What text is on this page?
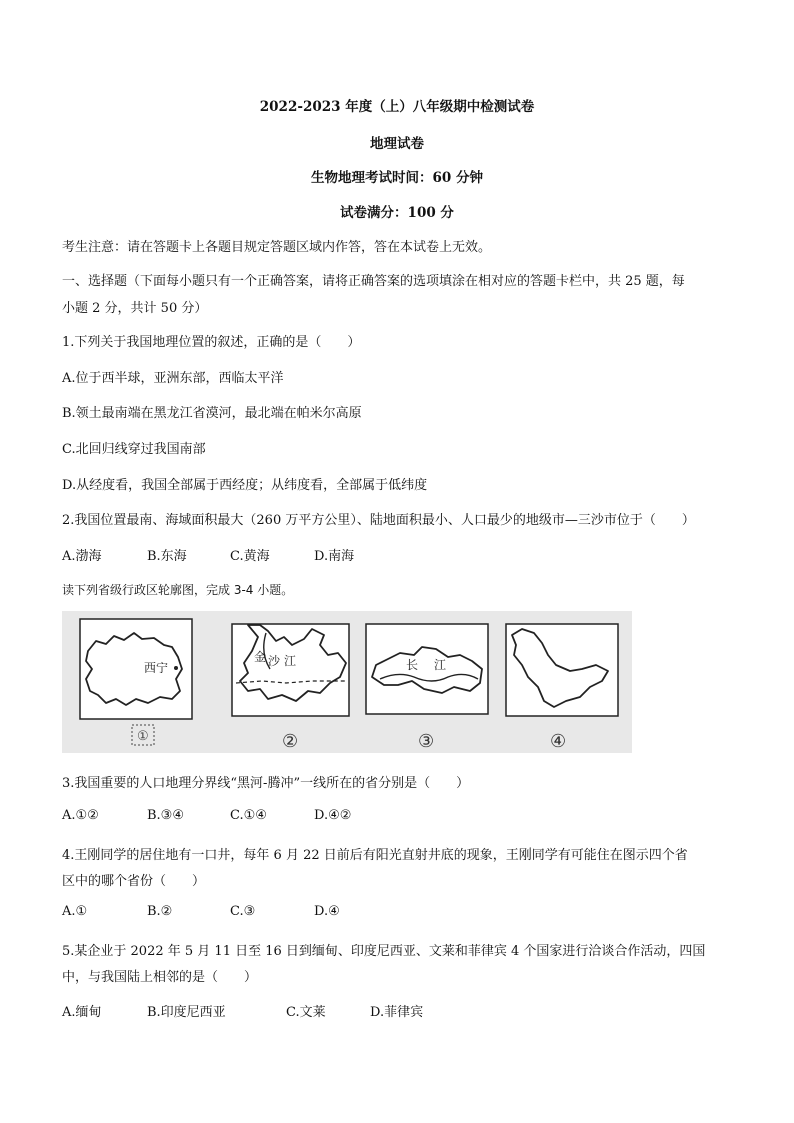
2022-2023 年度（上）八年级期中检测试卷
地理试卷
生物地理考试时间：60 分钟
试卷满分：100 分
考生注意：请在答题卡上各题目规定答题区域内作答，答在本试卷上无效。
一、选择题（下面每小题只有一个正确答案，请将正确答案的选项填涂在相对应的答题卡栏中，共 25 题，每
小题 2 分，共计 50 分）
1.下列关于我国地理位置的叙述，正确的是（　　）
A.位于西半球，亚洲东部，西临太平洋
B.领土最南端在黑龙江省漠河，最北端在帕米尔高原
C.北回归线穿过我国南部
D.从经度看，我国全部属于西经度；从纬度看，全部属于低纬度
2.我国位置最南、海域面积最大（260 万平方公里）、陆地面积最小、人口最少的地级市—三沙市位于（　　）
A.渤海	B.东海	C.黄海	D.南海
读下列省级行政区轮廓图，完成 3-4 小题。
西宁
①
金 沙 江
②
长 江
③	④
3.我国重要的人口地理分界线“黑河-腾冲”一线所在的省分别是（　　）
A.①②	B.③④	C.①④	D.④②
4.王刚同学的居住地有一口井，每年 6 月 22 日前后有阳光直射井底的现象，王刚同学有可能住在图示四个省
区中的哪个省份（　　）
A.①	B.②	C.③	D.④
5.某企业于 2022 年 5 月 11 日至 16 日到缅甸、印度尼西亚、文莱和菲律宾 4 个国家进行洽谈合作活动，四国
中，与我国陆上相邻的是（　　）
A.缅甸	B.印度尼西亚	C.文莱	D.菲律宾
